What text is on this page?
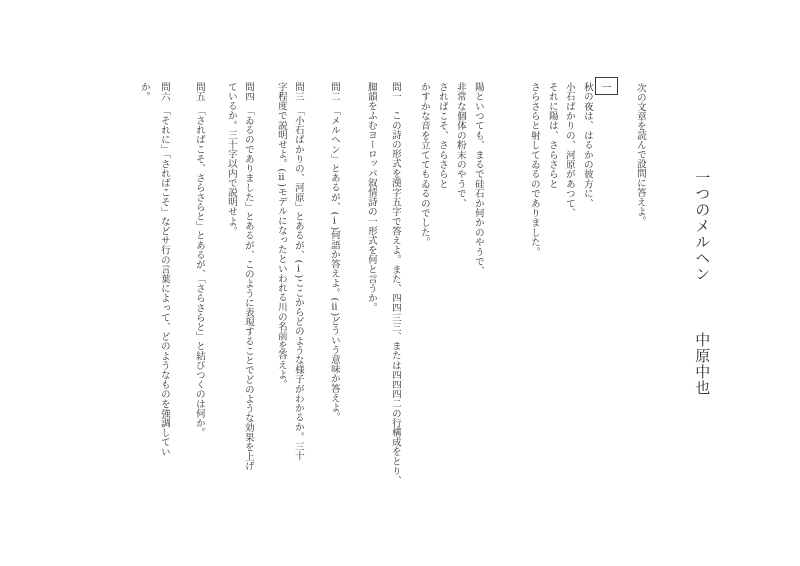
一つのメルヘン
中原中也
次の文章を読んで設問に答えよ。
一
秋の夜は、はるかの彼方に、
小石ばかりの、河原があつて、
それに陽は、さらさらと
さらさらと射してゐるのでありました。
陽といつても、まるで硅石か何かのやうで、
非常な個体の粉末のやうで、
さればこそ、さらさらと
かすかな音を立ててもゐるのでした。
問一　この詩の形式を漢字五字で答えよ。また、四四三三、または四四四二の行構成をとり、
脚韻をふむヨーロッパ叙情詩の一形式を何と言うか。
問二　「メルヘン」とあるが、(ⅰ)何語か答えよ。(ⅱ)どういう意味か答えよ。
問三　「小石ばかりの、河原」とあるが、(ⅰ)ここからどのような様子がわかるか。三十
字程度で説明せよ。(ⅱ)モデルになったといわれる川の名前を答えよ。
問四　「ゐるのでありました」とあるが、このように表現することでどのような効果を上げ
ているか。三十字以内で説明せよ。
問五　「さればこそ、さらさらと」とあるが、「さらさらと」と結びつくのは何か。
問六　「それに」「さればこそ」などサ行の言葉によって、どのようなものを強調してい
か。
